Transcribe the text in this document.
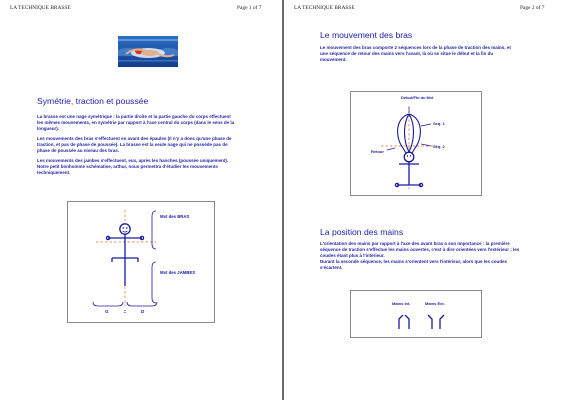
LA TECHNIQUE BRASSE	Page 1 of 7
Symétrie, traction et poussée

La brasse est une nage symétrique : la partie droite et la partie gauche du corps effectuent les mêmes mouvements, en symétrie par rapport à l'axe central du corps (dans le sens de la longueur).

Les mouvements des bras s'effectuent en avant des épaules (Il n'y a donc qu'une phase de traction, et pas de phase de poussée). La brasse est la seule nage qui ne possède pas de phase de poussée au niveau des bras.

Les mouvements des jambes s'effectuent, eux, après les hanches (poussée uniquement). Notre petit bonhomme schématise, arthur, nous permettra d'étudier les mouvements techniquement.

Mvt des BRAS
Mvt des JAMBES
G	=	D
LA TECHNIQUE BRASSE	Page 2 of 7
Le mouvement des bras
Le mouvement des bras comporte 2 séquences lors de la phase de traction des mains, et une séquence de retour des mains vers l'avant, là où se situe le début et la fin du mouvement.
Début/Fin du Mvt
Seq. 1
Seq. 2
Retour
La position des mains

L'orientation des mains par rapport à l'axe des avant bras a son importance : la première séquence de traction s'effectue les mains ouvertes, c'est à dire orientées vers l'extérieur ; les coudes étant plus à l'intérieur.

Durant la seconde séquence, les mains s'orientent vers l'intérieur, alors que les coudes s'écartent.

Mains Int.	Mains Ext.
